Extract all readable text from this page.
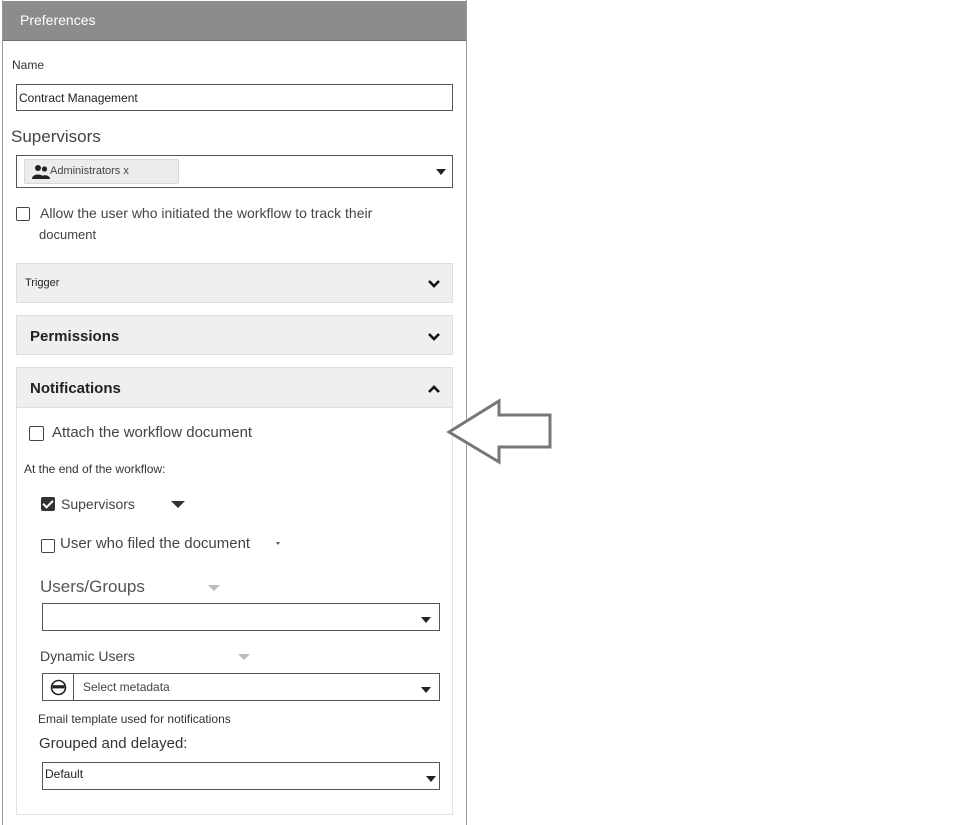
Preferences
Name
Contract Management
Supervisors
Administrators x
Allow the user who initiated the workflow to track their
document
Trigger
Permissions
Notifications
Attach the workflow document
At the end of the workflow:
Supervisors
User who filed the document
Users/Groups
Dynamic Users
Select metadata
Email template used for notifications
Grouped and delayed:
Default
